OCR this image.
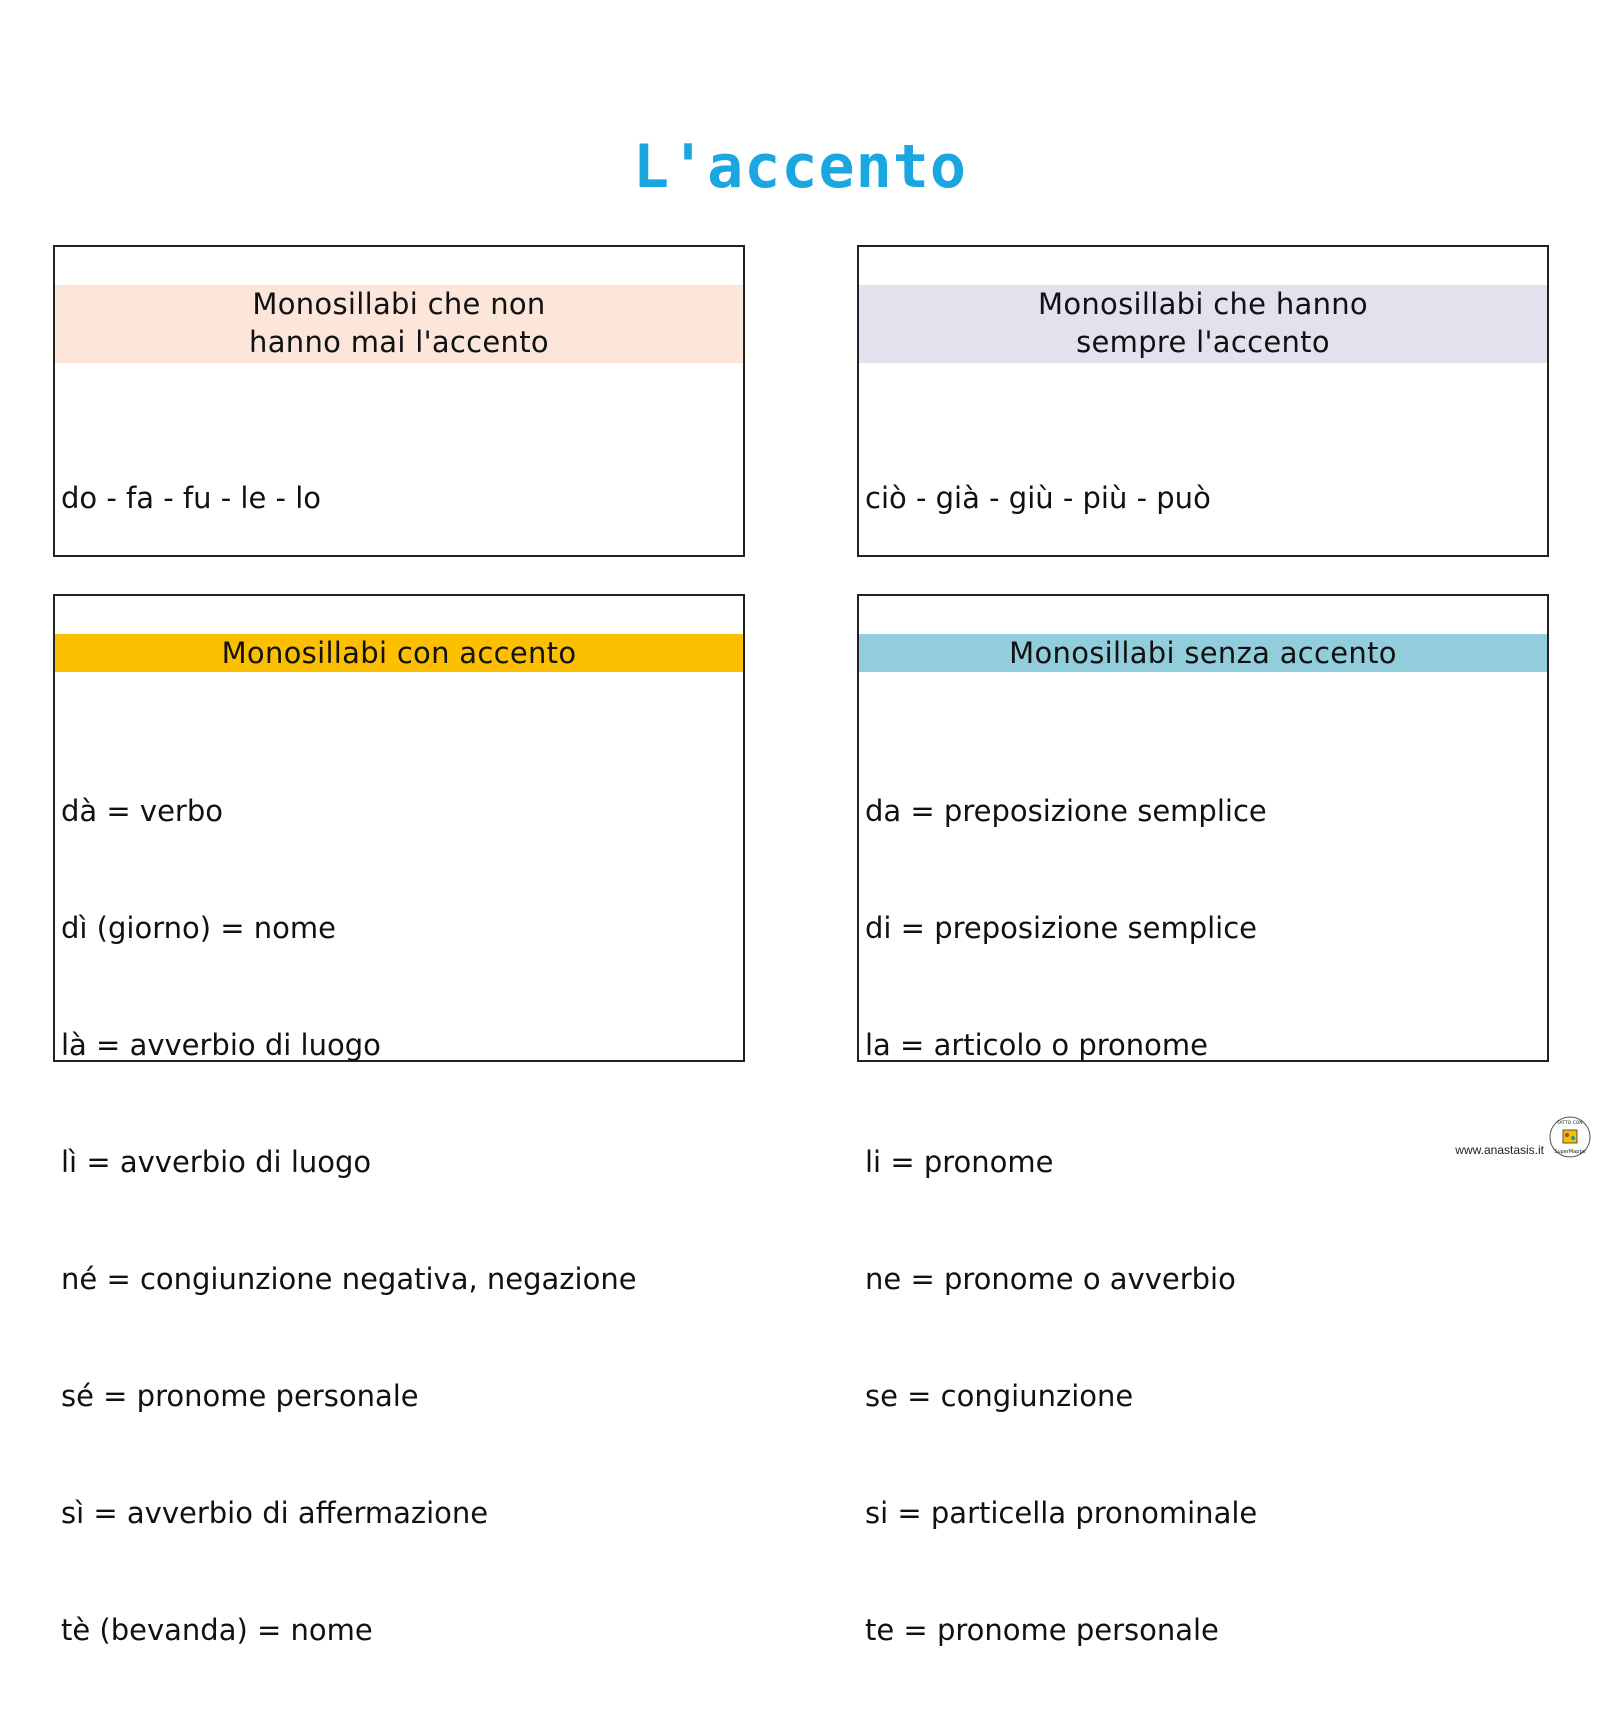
L'accento
Monosillabi che non
hanno mai l'accento

do - fa - fu - le - lo

Monosillabi che hanno
sempre l'accento

ciò - già - giù - più - può

Monosillabi con accento

dà = verbo

dì (giorno) = nome

là = avverbio di luogo

lì = avverbio di luogo

né = congiunzione negativa, negazione

sé = pronome personale

sì = avverbio di affermazione

tè (bevanda) = nome

Monosillabi senza accento

da = preposizione semplice

di = preposizione semplice

la = articolo o pronome

li = pronome

ne = pronome o avverbio

se = congiunzione

si = particella pronominale

te = pronome personale

www.anastasis.it
FATTO CON
SuperMappe
